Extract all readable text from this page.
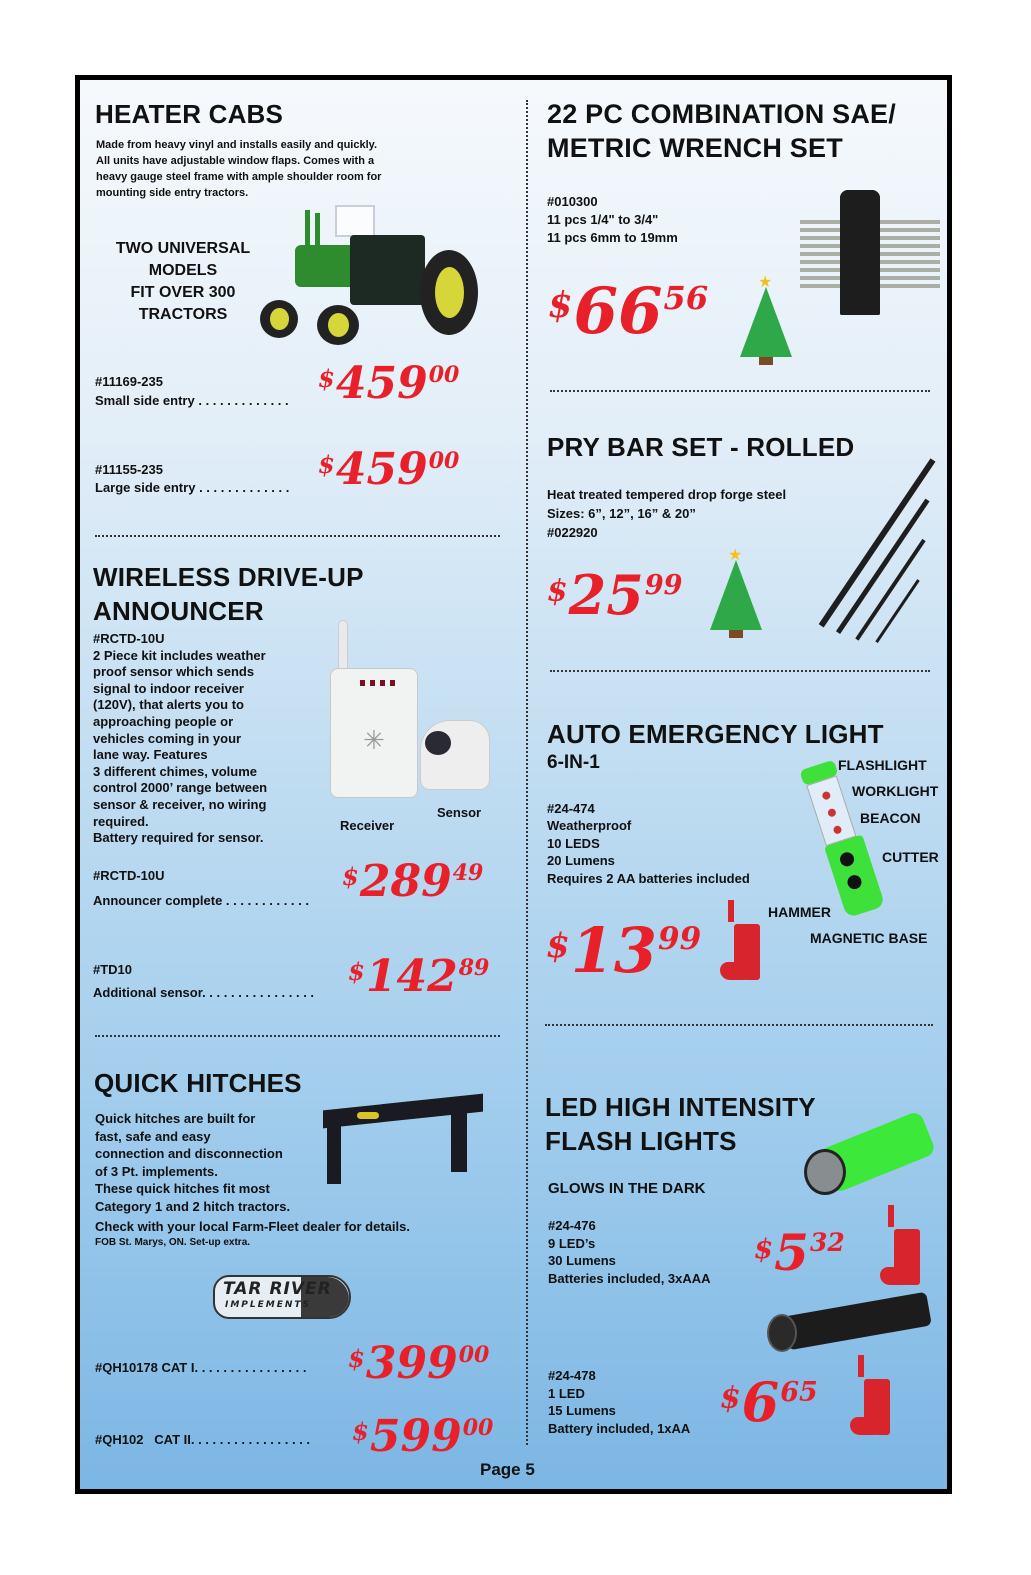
HEATER CABS
Made from heavy vinyl and installs easily and quickly.
All units have adjustable window flaps. Comes with a
heavy gauge steel frame with ample shoulder room for
mounting side entry tractors.
TWO UNIVERSAL
MODELS
FIT OVER 300
TRACTORS
#11169-235
Small side entry . . . . . . . . . . . . .
$^{\$}459^{00}$
#11155-235
Large side entry . . . . . . . . . . . . .
$^{\$}459^{00}$
WIRELESS DRIVE-UP
ANNOUNCER
#RCTD-10U
2 Piece kit includes weather
proof sensor which sends
signal to indoor receiver
(120V), that alerts you to
approaching people or
vehicles coming in your
lane way. Features
3 different chimes, volume
control 2000’ range between
sensor & receiver, no wiring
required.
Battery required for sensor.
✳
Sensor
Receiver
#RCTD-10U
Announcer complete . . . . . . . . . . . .
$^{\$}289^{49}$
#TD10
Additional sensor. . . . . . . . . . . . . . . .
$^{\$}142^{89}$
QUICK HITCHES
Quick hitches are built for
fast, safe and easy
connection and disconnection
of 3 Pt. implements.
These quick hitches fit most
Category 1 and 2 hitch tractors.
Check with your local Farm-Fleet dealer for details.
FOB St. Marys, ON. Set-up extra.
TAR RIVER
IMPLEMENTS
#QH10178 CAT I. . . . . . . . . . . . . . . . $^{\$}399^{00}$
#QH102   CAT II. . . . . . . . . . . . . . . . . $^{\$}599^{00}$
22 PC COMBINATION SAE/
METRIC WRENCH SET
#010300
11 pcs 1/4" to 3/4"
11 pcs 6mm to 19mm
$^{\$}66^{56}$	★
PRY BAR SET - ROLLED
Heat treated tempered drop forge steel
Sizes: 6”, 12”, 16” & 20”
#022920
$^{\$}25^{99}$
★
AUTO EMERGENCY LIGHT
6-IN-1
#24-474
Weatherproof
10 LEDS
20 Lumens
Requires 2 AA batteries included
FLASHLIGHT
WORKLIGHT
BEACON
CUTTER
HAMMER
MAGNETIC BASE
$^{\$}13^{99}$
LED HIGH INTENSITY
FLASH LIGHTS
GLOWS IN THE DARK
#24-476
9 LED’s
30 Lumens
Batteries included, 3xAAA
$^{\$}5^{32}$
#24-478
1 LED
15 Lumens
Battery included, 1xAA
$^{\$}6^{65}$
Page 5
